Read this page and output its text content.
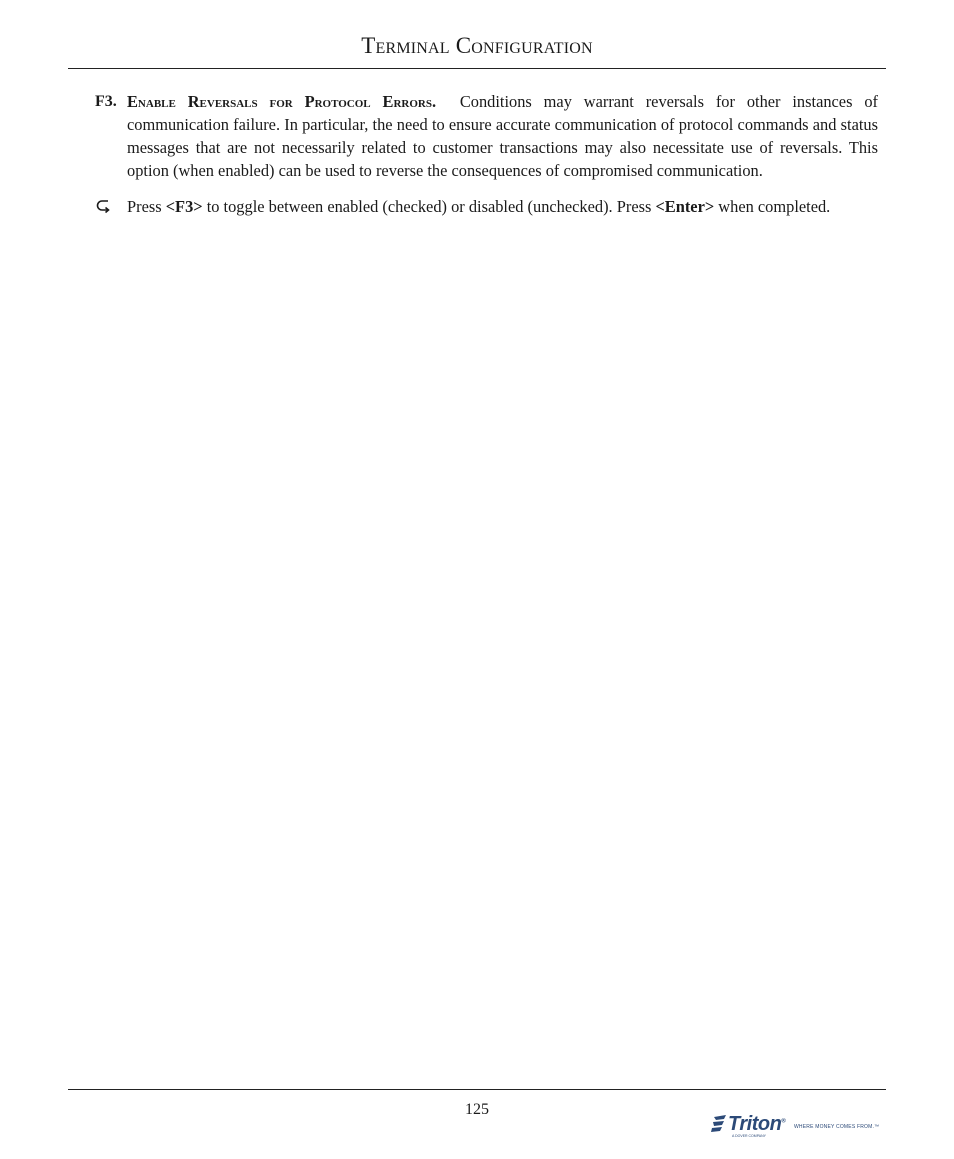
Terminal Configuration
F3. Enable Reversals for Protocol Errors. Conditions may warrant reversals for other instances of communication failure. In particular, the need to ensure accurate communication of protocol commands and status messages that are not necessarily related to customer transactions may also necessitate use of reversals. This option (when enabled) can be used to reverse the consequences of compromised communication.
Press <F3> to toggle between enabled (checked) or disabled (unchecked). Press <Enter> when completed.
125
Triton®
WHERE MONEY COMES FROM.™
A DOVER COMPANY
